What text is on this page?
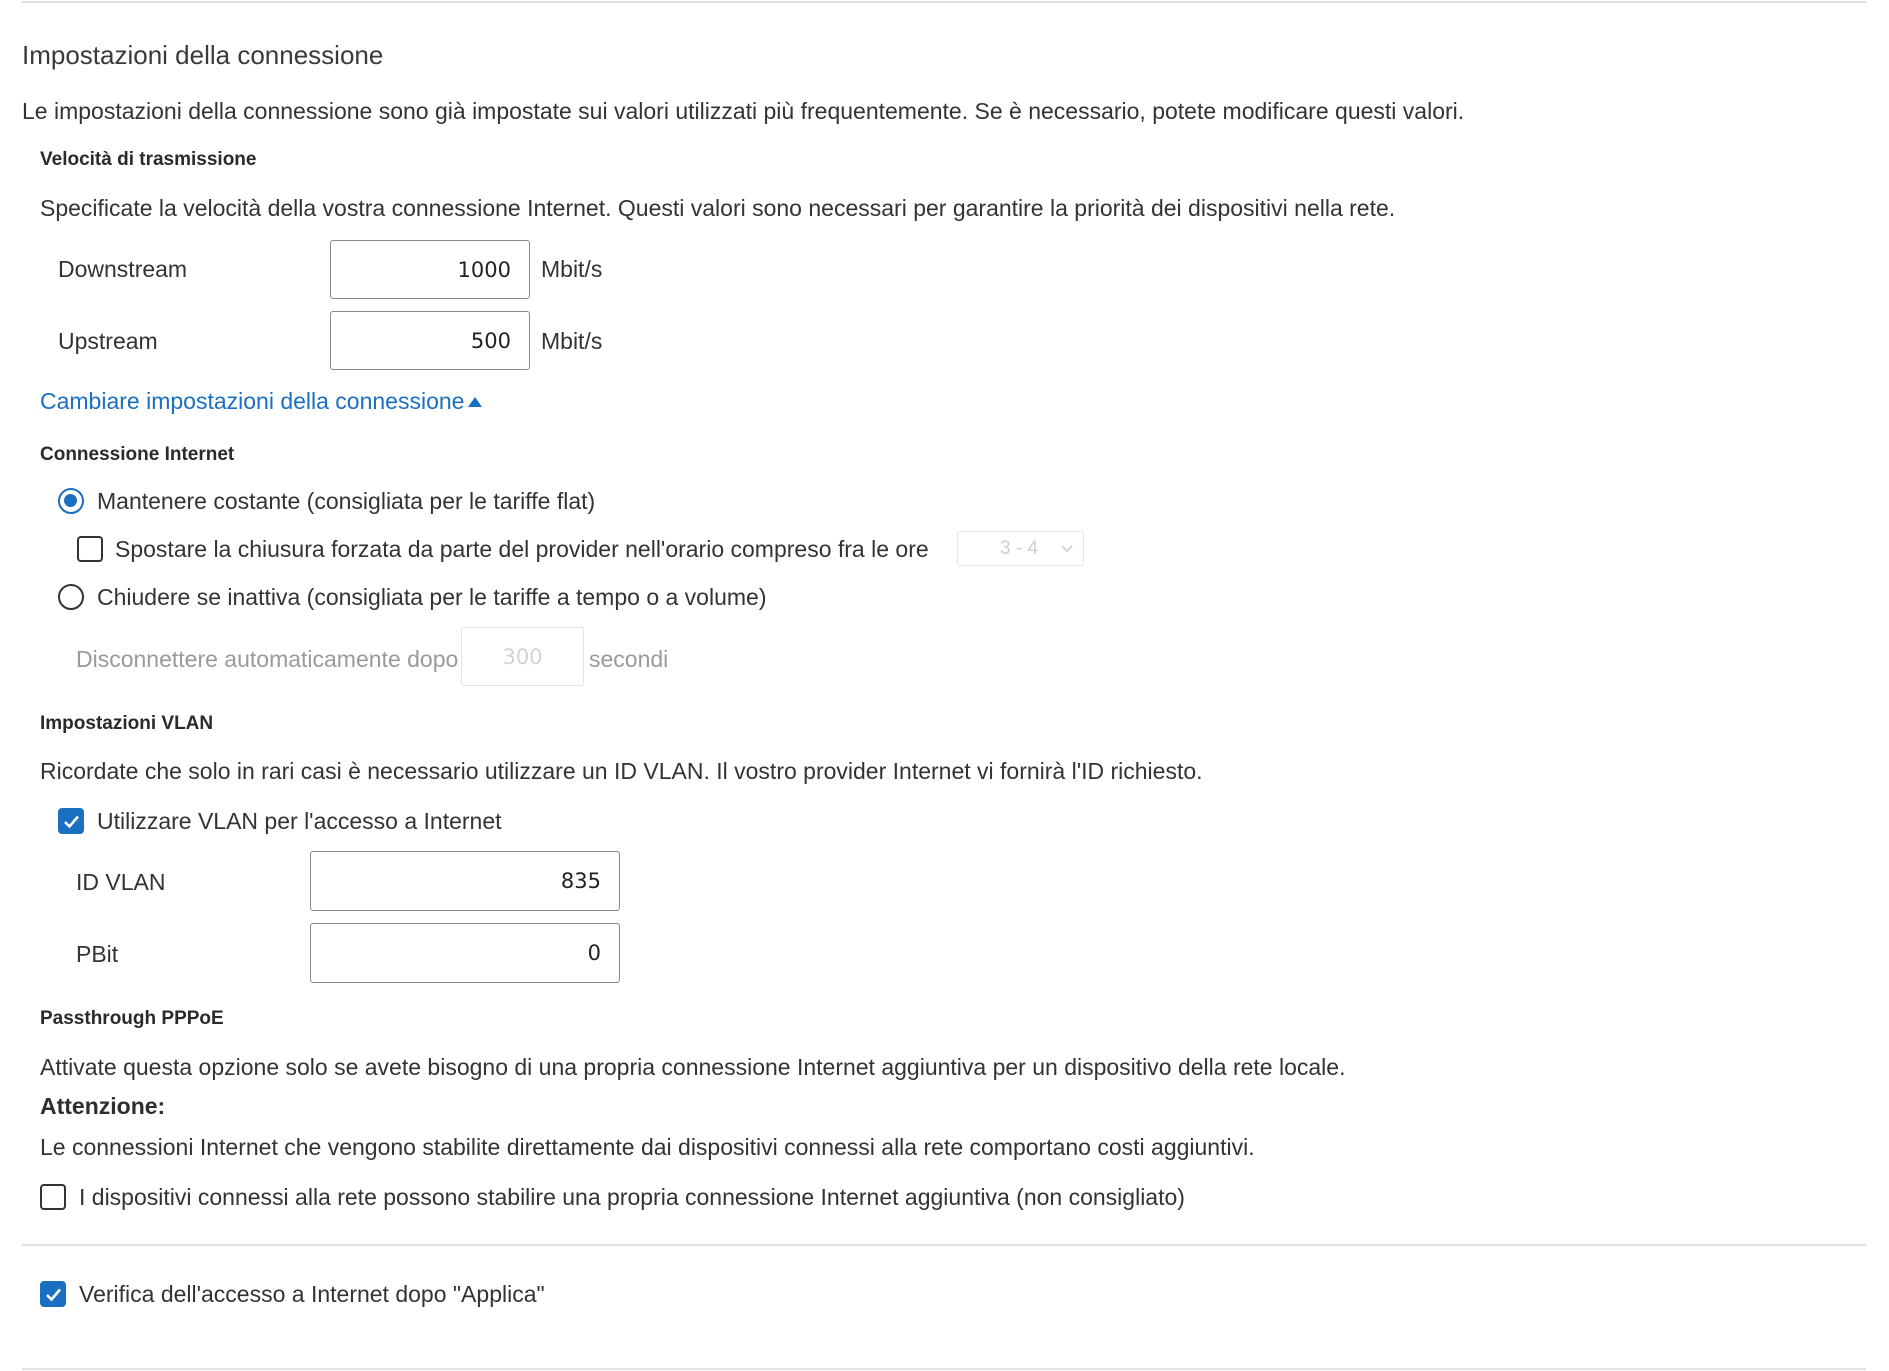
Impostazioni della connessione
Le impostazioni della connessione sono già impostate sui valori utilizzati più frequentemente. Se è necessario, potete modificare questi valori.
Velocità di trasmissione
Specificate la velocità della vostra connessione Internet. Questi valori sono necessari per garantire la priorità dei dispositivi nella rete.
Downstream	1000	Mbit/s
Upstream	500	Mbit/s
Cambiare impostazioni della connessione
Connessione Internet
Mantenere costante (consigliata per le tariffe flat)
Spostare la chiusura forzata da parte del provider nell'orario compreso fra le ore	3 - 4
Chiudere se inattiva (consigliata per le tariffe a tempo o a volume)
Disconnettere automaticamente dopo	300	secondi
Impostazioni VLAN
Ricordate che solo in rari casi è necessario utilizzare un ID VLAN. Il vostro provider Internet vi fornirà l'ID richiesto.
Utilizzare VLAN per l'accesso a Internet
ID VLAN	835
PBit	0
Passthrough PPPoE
Attivate questa opzione solo se avete bisogno di una propria connessione Internet aggiuntiva per un dispositivo della rete locale.
Attenzione:
Le connessioni Internet che vengono stabilite direttamente dai dispositivi connessi alla rete comportano costi aggiuntivi.
I dispositivi connessi alla rete possono stabilire una propria connessione Internet aggiuntiva (non consigliato)
Verifica dell'accesso a Internet dopo "Applica"
